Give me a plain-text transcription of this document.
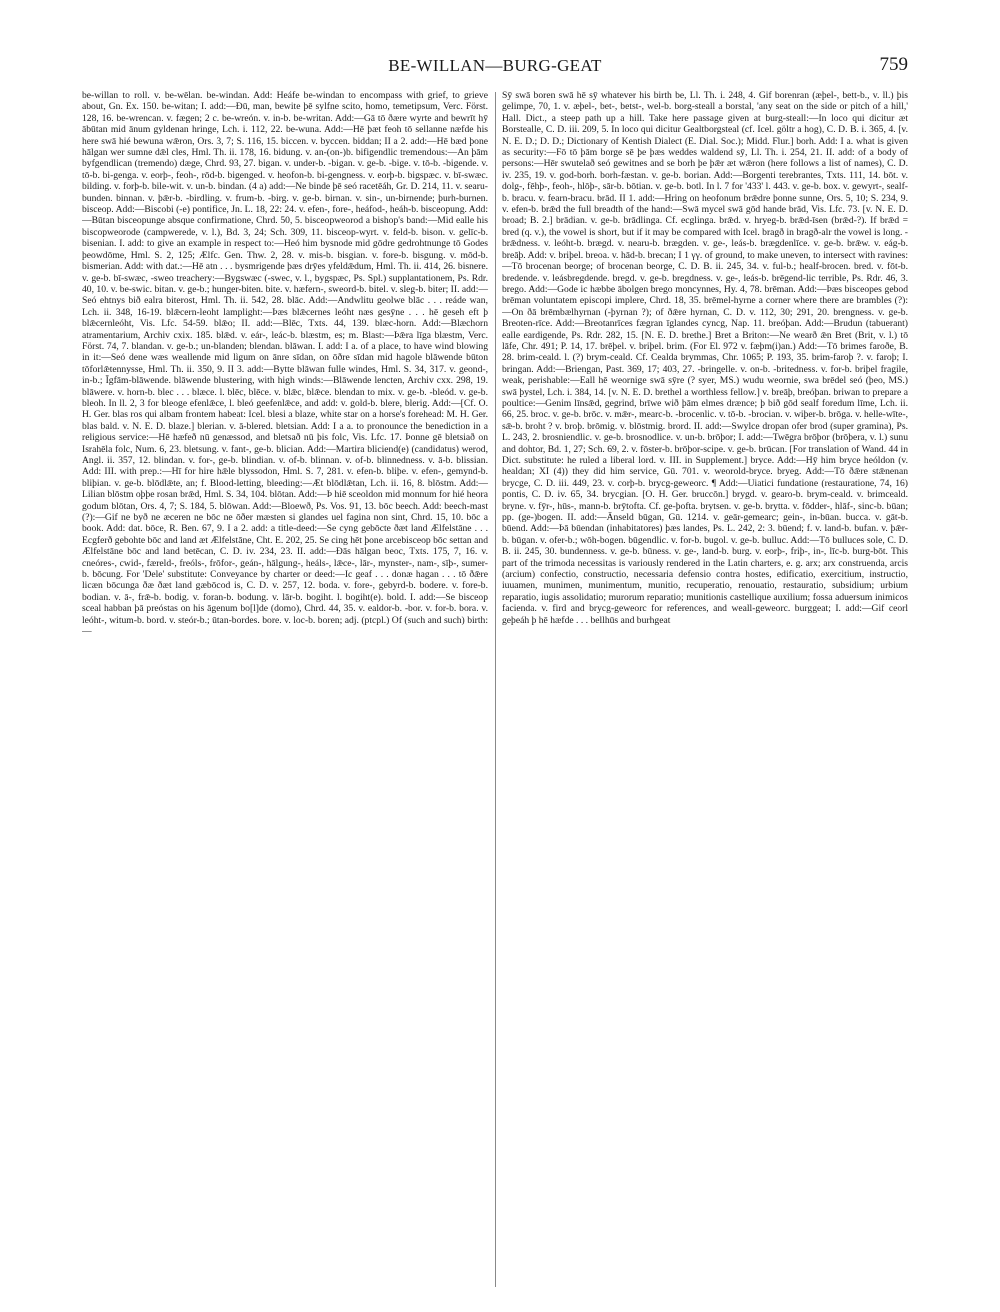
BE-WILLAN—BURG-GEAT	759

be-willan to roll. v. be-wēlan. be-windan. Add: Heáfe be-windan to encompass with grief, to grieve about, Gn. Ex. 150. be-witan; I. add:—Ðū, man, bewite þē sylfne scito, homo, temetipsum, Verc. Först. 128, 16. be-wrencan. v. fægen; 2 c. be-wreón. v. in-b. be-writan. Add:—Gā tō ðære wyrte and bewrīt hȳ ābūtan mid ānum gyldenan hringe, Lch. i. 112, 22. be-wuna. Add:—Hē þæt feoh tō sellanne næfde his here swā hié bewuna wǣron, Ors. 3, 7; S. 116, 15. biccen. v. byccen. biddan; II a 2. add:—Hē bæd þone hālgan wer sumne dǣl cles, Hml. Th. ii. 178, 16. bidung. v. an-(on-)b. bifigendlic tremendous:—An þām byfgendlican (tremendo) dæge, Chrd. 93, 27. bigan. v. under-b. -bigan. v. ge-b. -bige. v. tō-b. -bigende. v. tō-b. bi-genga. v. eorþ-, feoh-, rōd-b. bigenged. v. heofon-b. bi-gengness. v. eorþ-b. bigspæc. v. bī-swæc. bilding. v. forþ-b. bile-wit. v. un-b. bindan. (4 a) add:—Ne binde þē seó racetēáh, Gr. D. 214, 11. v. searu-bunden. binnan. v. þǣr-b. -birdling. v. frum-b. -birg. v. ge-b. birnan. v. sin-, un-birnende; þurh-burnen. bisceop. Add:—Biscobi (-e) pontifice, Jn. L. 18, 22: 24. v. efen-, fore-, heáfod-, heáh-b. bisceopung. Add:—Būtan bisceopunge absque confirmatione, Chrd. 50, 5. bisceopweorod a bishop's band:—Mid ealle his biscopweorode (campwerede, v. l.), Bd. 3, 24; Sch. 309, 11. bisceop-wyrt. v. feld-b. bison. v. gelīc-b. bisenian. I. add: to give an example in respect to:—Heó him bysnode mid gōdre gedrohtnunge tō Godes þeowdōme, Hml. S. 2, 125; Ælfc. Gen. Thw. 2, 28. v. mis-b. bisgian. v. fore-b. bisgung. v. mōd-b. bismerian. Add: with dat.:—Hē atn . . . bysmrigende þæs drȳes yfeldǣdum, Hml. Th. ii. 414, 26. bisnere. v. ge-b. bī-swæc, -sweo treachery:—Bygswæc (-swec, v. l., bygspæc, Ps. Spl.) supplantationem, Ps. Rdr. 40, 10. v. be-swic. bitan. v. ge-b.; hunger-biten. bite. v. hæfern-, sweord-b. bitel. v. sleg-b. biter; II. add:—Seó ehtnys bið ealra biterost, Hml. Th. ii. 542, 28. blāc. Add:—Andwlitu geolwe blāc . . . reáde wan, Lch. ii. 348, 16-19. blǣcern-leoht lamplight:—Þæs blǣcernes leóht næs gesȳne . . . hē geseh eft þ blǣcernleóht, Vis. Lfc. 54-59. blǣo; II. add:—Blēc, Txts. 44, 139. blæc-horn. Add:—Blæchorn atramentarium, Archiv cxix. 185. blǣd. v. eár-, leác-b. blæstm, es; m. Blast:—Þǣra līga blæstm, Verc. Först. 74, 7. blandan. v. ge-b.; un-blanden; blendan. blāwan. I. add: I a. of a place, to have wind blowing in it:—Seó dene wæs weallende mid lìgum on ānre sīdan, on ōðre sīdan mid hagole blāwende būton tōforlǣtennysse, Hml. Th. ii. 350, 9. II 3. add:—Bytte blāwan fulle windes, Hml. S. 34, 317. v. geond-, in-b.; Īgfām-blāwende. blāwende blustering, with high winds:—Blāwende lencten, Archiv cxx. 298, 19. blāwere. v. horn-b. blec . . . blæce. l. blēc, blēce. v. blǣc, blǣce. blendan to mix. v. ge-b. -bleód. v. ge-b. bleoh. In ll. 2, 3 for bleoge efenlǣce, l. bleó geefenlǣce, and add: v. gold-b. blere, blerig. Add:—[Cf. O. H. Ger. blas ros qui albam frontem habeat: Icel. blesi a blaze, white star on a horse's forehead: M. H. Ger. blas bald. v. N. E. D. blaze.] blerian. v. ā-blered. bletsian. Add: I a a. to pronounce the benediction in a religious service:—Hē hæfeð nū genæssod, and bletsað nū þis folc, Vis. Lfc. 17. Þonne gē bletsiað on Israhēla folc, Num. 6, 23. bletsung. v. fant-, ge-b. blician. Add:—Martira bliciend(e) (candidatus) werod, Angl. ii. 357, 12. blindan. v. for-, ge-b. blindian. v. of-b. blinnan. v. of-b. blinnedness. v. ā-b. blissian. Add: III. with prep.:—Hī for hire hǣle blyssodon, Hml. S. 7, 281. v. efen-b. bliþe. v. efen-, gemynd-b. bliþian. v. ge-b. blōdlǣte, an; f. Blood-letting, bleeding:—Æt blōdlǣtan, Lch. ii. 16, 8. blōstm. Add:—Lilian blōstm oþþe rosan brǣd, Hml. S. 34, 104. blōtan. Add:—Þ hiē sceoldon mid monnum for hié heora godum blōtan, Ors. 4, 7; S. 184, 5. blōwan. Add:—Bloewð, Ps. Vos. 91, 13. bōc beech. Add: beech-mast (?):—Gif ne byð ne æceren ne bōc ne ōðer mæsten si glandes uel fagina non sint, Chrd. 15, 10. bōc a book. Add: dat. bōce, R. Ben. 67, 9. I a 2. add: a title-deed:—Se cyng gebōcte ðæt land Ælfelstāne . . . Ecgferð gebohte bōc and land æt Ælfelstāne, Cht. E. 202, 25. Se cing hēt þone arcebisceop bōc settan and Ælfelstāne bōc and land betēcan, C. D. iv. 234, 23. II. add:—Ðās hālgan beoc, Txts. 175, 7, 16. v. cneóres-, cwid-, færeld-, freóls-, frōfor-, geán-, hālgung-, heáls-, lǣce-, lār-, mynster-, nam-, sīþ-, sumer-b. bōcung. For 'Dele' substitute: Conveyance by charter or deed:—Ic geaf . . . donæ hagan . . . tō ðǣre licæn bōcunga ðæ ðæt land gæbōcod is, C. D. v. 257, 12. boda. v. fore-, gebyrd-b. bodere. v. fore-b. bodian. v. ā-, frǣ-b. bodig. v. foran-b. bodung. v. lār-b. bogiht. l. bogiht(e). bold. I. add:—Se bisceop sceal habban þā preóstas on his āgenum bo[l]de (domo), Chrd. 44, 35. v. ealdor-b. -bor. v. for-b. bora. v. leóht-, witum-b. bord. v. steór-b.; ūtan-bordes. bore. v. loc-b. boren; adj. (ptcpl.) Of (such and such) birth:—

Sȳ swā boren swā hē sȳ whatever his birth be, Ll. Th. i. 248, 4. Gif borenran (æþel-, bett-b., v. ll.) þis gelimpe, 70, 1. v. æþel-, bet-, betst-, wel-b. borg-steall a borstal, 'any seat on the side or pitch of a hill,' Hall. Dict., a steep path up a hill. Take here passage given at burg-steall:—In loco qui dicitur æt Borstealle, C. D. iii. 209, 5. In loco qui dicitur Gealtborgsteal (cf. Icel. göltr a hog), C. D. B. i. 365, 4. [v. N. E. D.; D. D.; Dictionary of Kentish Dialect (E. Dial. Soc.); Midd. Flur.] borh. Add: I a. what is given as security:—Fō tō þām borge sē þe þæs weddes waldend sȳ, Ll. Th. i. 254, 21. II. add: of a body of persons:—Hēr swutelað seó gewitnes and se borh þe þǣr æt wǣron (here follows a list of names), C. D. iv. 235, 19. v. god-borh. borh-fæstan. v. ge-b. borian. Add:—Borgenti terebrantes, Txts. 111, 14. bōt. v. dolg-, fēhþ-, feoh-, hlōþ-, sār-b. bōtian. v. ge-b. botl. In l. 7 for '433' l. 443. v. ge-b. box. v. gewyrt-, sealf-b. bracu. v. fearn-bracu. brād. II 1. add:—Hring on heofonum brǣdre þonne sunne, Ors. 5, 10; S. 234, 9. v. efen-b. brǣd the full breadth of the hand:—Swā mycel swā gōd hande brād, Vis. Lfc. 73. [v. N. E. D. broad; B. 2.] brādian. v. ge-b. brādlinga. Cf. ecglinga. brǣd. v. hryeg-b. brǣd-īsen (brǣd-?). If brǣd = bred (q. v.), the vowel is short, but if it may be compared with Icel. bragð in bragð-alr the vowel is long. -brǣdness. v. leóht-b. brægd. v. nearu-b. brægden. v. ge-, leás-b. brægdenlīce. v. ge-b. brǣw. v. eág-b. breāþ. Add: v. briþel. breoa. v. hād-b. brecan; I 1 γγ. of ground, to make uneven, to intersect with ravines:—Tō brocenan beorge; of brocenan beorge, C. D. B. ii. 245, 34. v. ful-b.; healf-brocen. bred. v. fōt-b. bredende. v. leásbregdende. bregd. v. ge-b. bregdness. v. ge-, leás-b. brēgend-lic terrible, Ps. Rdr. 46, 3. brego. Add:—Gode ic hæbbe ābolgen brego moncynnes, Hy. 4, 78. brēman. Add:—Þæs bisceopes gebod brēman voluntatem episcopi implere, Chrd. 18, 35. brēmel-hyrne a corner where there are brambles (?):—On ðā brēmbælhyrnan (-þyrnan ?); of ðǣre hyrnan, C. D. v. 112, 30; 291, 20. brengness. v. ge-b. Breoten-rīce. Add:—Breotanrīces fægran īglandes cyncg, Nap. 11. breóþan. Add:—Brudun (tabuerant) ealle eardigende, Ps. Rdr. 282, 15. [N. E. D. brethe.] Bret a Briton:—Ne wearð ǣn Bret (Brit, v. l.) tō lāfe, Chr. 491; P. 14, 17. brēþel. v. briþel. brim. (For El. 972 v. fæþm(i)an.) Add:—Tō brimes faroðe, B. 28. brim-ceald. l. (?) brym-ceald. Cf. Cealda brymmas, Chr. 1065; P. 193, 35. brim-faroþ ?. v. faroþ; I. bringan. Add:—Briengan, Past. 369, 17; 403, 27. -bringelle. v. on-b. -britedness. v. for-b. briþel fragile, weak, perishable:—Eall hē weornige swā sȳre (? syer, MS.) wudu weornie, swa brēdel seó (þeo, MS.) swā þystel, Lch. i. 384, 14. [v. N. E. D. brethel a worthless fellow.] v. breāþ, breóþan. briwan to prepare a poultice:—Genim līnsǣd, gegrind, brīwe wið þām elmes drænce; þ bið gōd sealf foredum līme, Lch. ii. 66, 25. broc. v. ge-b. brōc. v. mǣr-, mearc-b. -brocenlic. v. tō-b. -brocian. v. wiþer-b. brōga. v. helle-wīte-, sǣ-b. broht ? v. broþ. brōmig. v. blōstmig. brord. II. add:—Swylce dropan ofer brod (super gramina), Ps. L. 243, 2. brosniendlic. v. ge-b. brosnodlice. v. un-b. brōþor; I. add:—Twēgra brōþor (brōþera, v. l.) sunu and dohtor, Bd. 1, 27; Sch. 69, 2. v. fōster-b. brōþor-scipe. v. ge-b. brūcan. [For translation of Wand. 44 in Dict. substitute: he ruled a liberal lord. v. III. in Supplement.] bryce. Add:—Hȳ him bryce heóldon (v. healdan; XI (4)) they did him service, Gū. 701. v. weorold-bryce. bryeg. Add:—Tō ðǣre stǣnenan brycge, C. D. iii. 449, 23. v. corþ-b. brycg-geweorc. ¶ Add:—Uiatici fundatione (restauratione, 74, 16) pontis, C. D. iv. 65, 34. brycgian. [O. H. Ger. bruccōn.] brygd. v. gearo-b. brym-ceald. v. brimceald. bryne. v. fȳr-, hūs-, mann-b. brȳtofta. Cf. ge-þofta. brytsen. v. ge-b. brytta. v. fōdder-, hlāf-, sinc-b. būan; pp. (ge-)bogen. II. add:—Ānseld būgan, Gū. 1214. v. geār-gemearc; gein-, in-būan. bucca. v. gāt-b. būend. Add:—Þā būendan (inhabitatores) þæs landes, Ps. L. 242, 2: 3. būend; f. v. land-b. bufan. v. þǣr-b. būgan. v. ofer-b.; wōh-bogen. būgendlic. v. for-b. bugol. v. ge-b. bulluc. Add:—Tō bulluces sole, C. D. B. ii. 245, 30. bundenness. v. ge-b. būness. v. ge-, land-b. burg. v. eorþ-, friþ-, in-, līc-b. burg-bōt. This part of the trimoda necessitas is variously rendered in the Latin charters, e. g. arx; arx construenda, arcis (arcium) confectio, constructio, necessaria defensio contra hostes, edificatio, exercitium, instructio, iuuamen, munimen, munimentum, munitio, recuperatio, renouatio, restauratio, subsidium; urbium reparatio, iugis assolidatio; murorum reparatio; munitionis castellique auxilium; fossa aduersum inimicos facienda. v. fird and brycg-geweorc for references, and weall-geweorc. burggeat; I. add:—Gif ceorl geþeáh þ hē hæfde . . . bellhūs and burhgeat
